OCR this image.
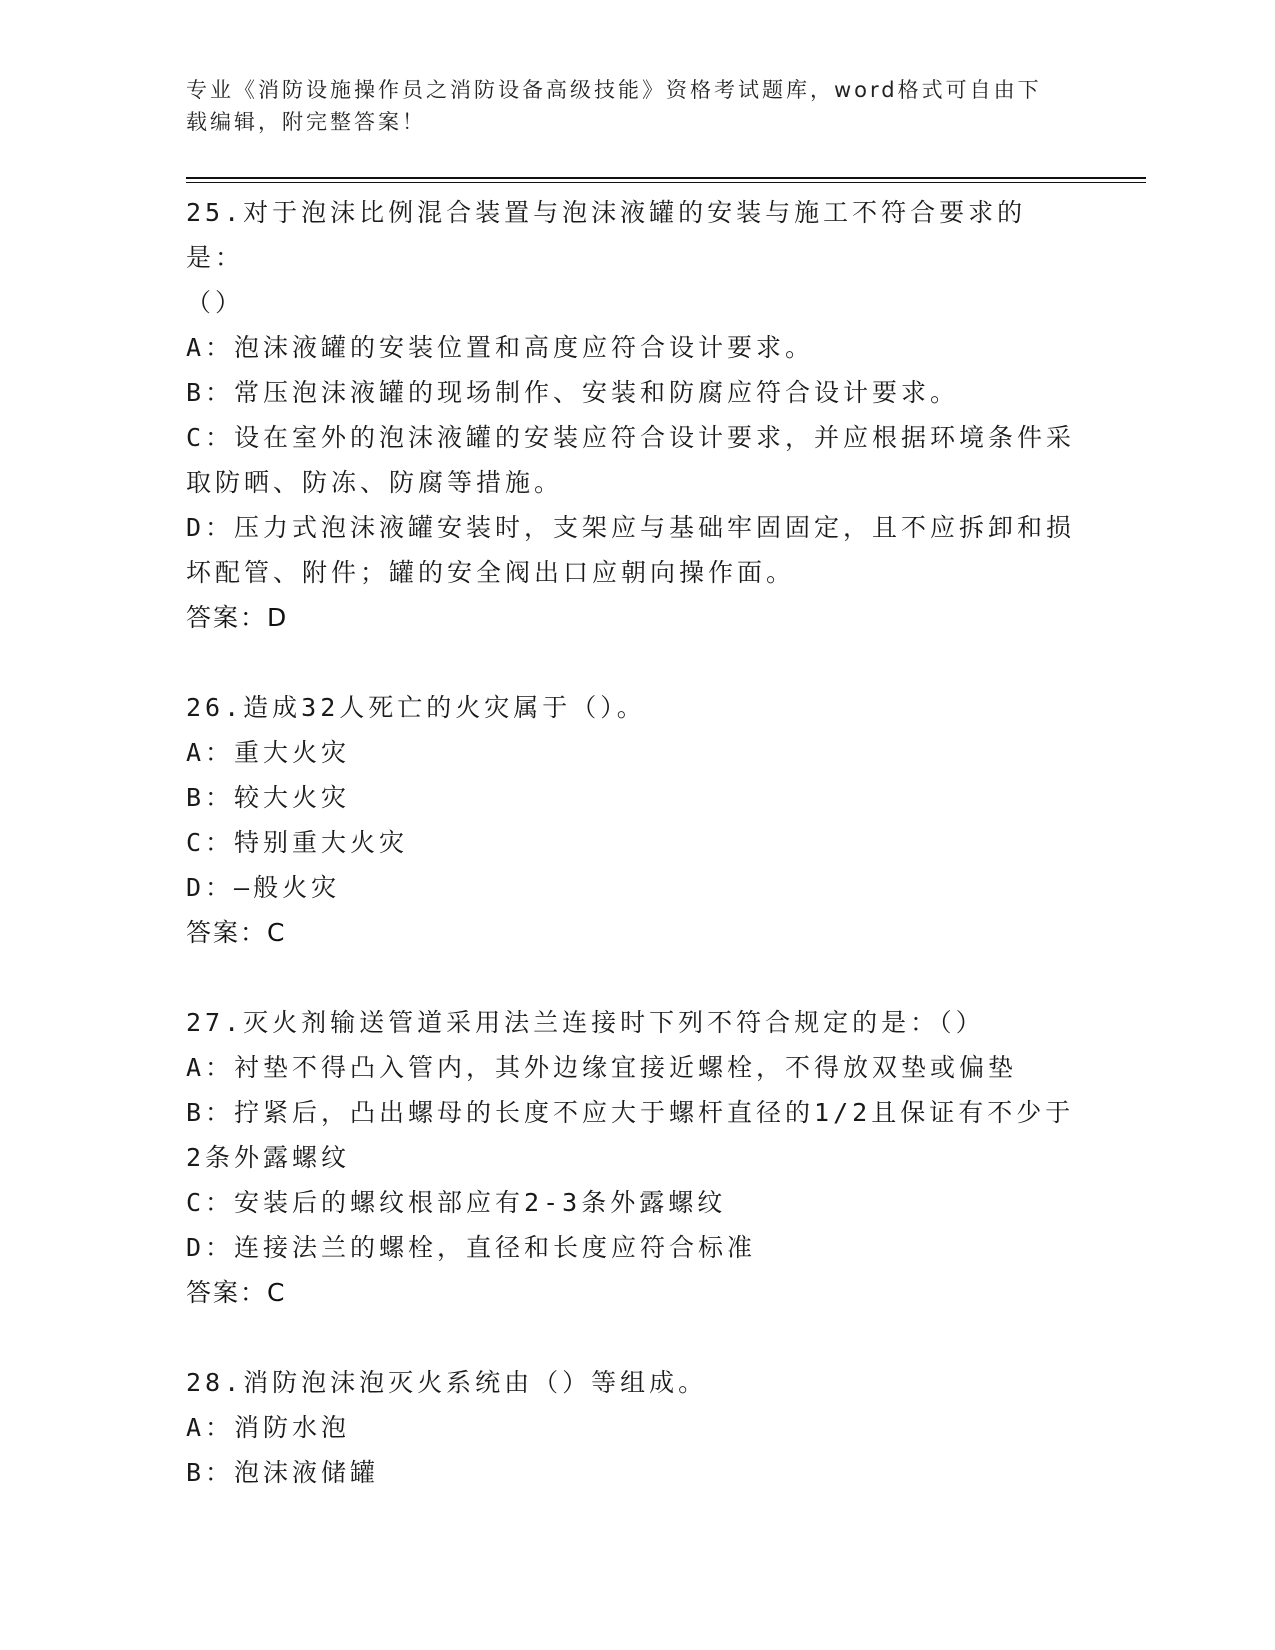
专业《消防设施操作员之消防设备高级技能》资格考试题库，word格式可自由下
载编辑，附完整答案！
25.对于泡沫比例混合装置与泡沫液罐的安装与施工不符合要求的是：
（）
A：泡沫液罐的安装位置和高度应符合设计要求。
B：常压泡沫液罐的现场制作、安装和防腐应符合设计要求。
C：设在室外的泡沫液罐的安装应符合设计要求，并应根据环境条件采
取防晒、防冻、防腐等措施。
D：压力式泡沫液罐安装时，支架应与基础牢固固定，且不应拆卸和损
坏配管、附件；罐的安全阀出口应朝向操作面。
答案：D
26.造成32人死亡的火灾属于（）。
A：重大火灾
B：较大火灾
C：特别重大火灾
D：—般火灾
答案：C
27.灭火剂输送管道采用法兰连接时下列不符合规定的是：（）
A：衬垫不得凸入管内，其外边缘宜接近螺栓，不得放双垫或偏垫
B：拧紧后，凸出螺母的长度不应大于螺杆直径的1/2且保证有不少于
2条外露螺纹
C：安装后的螺纹根部应有2-3条外露螺纹
D：连接法兰的螺栓，直径和长度应符合标准
答案：C
28.消防泡沫泡灭火系统由（）等组成。
A：消防水泡
B：泡沫液储罐
